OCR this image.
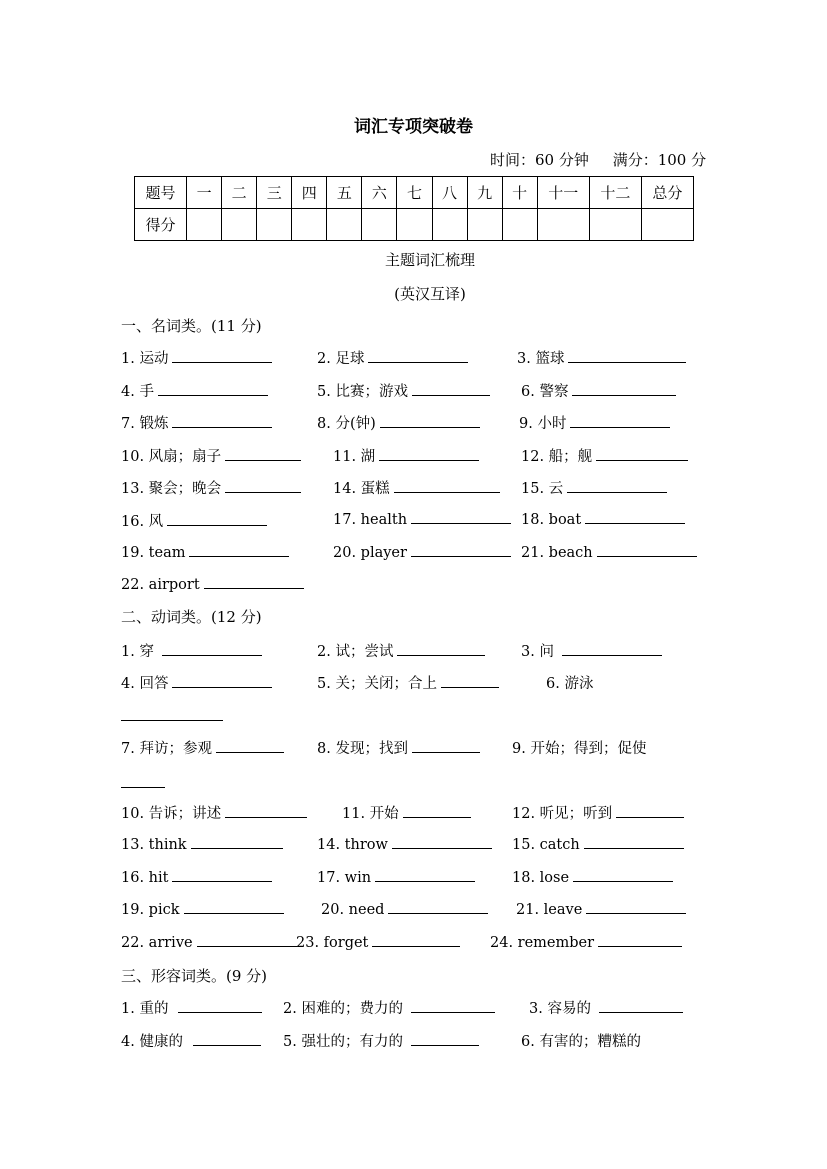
词汇专项突破卷
时间：60 分钟 满分：100 分
题号	一	二	三	四	五	六	七	八	九	十	十一	十二	总分
得分													
主题词汇梳理
(英汉互译)
一、名词类。(11 分)
1. 运动	2. 足球	3. 篮球
4. 手	5. 比赛；游戏	6. 警察
7. 锻炼	8. 分(钟)	9. 小时
10. 风扇；扇子	11. 湖	12. 船；舰
13. 聚会；晚会	14. 蛋糕	15. 云
16. 风	17. health	18. boat
19. team	20. player	21. beach
22. airport
二、动词类。(12 分)
1. 穿	2. 试；尝试	3. 问
4. 回答	5. 关；关闭；合上	6. 游泳
7. 拜访；参观	8. 发现；找到	9. 开始；得到；促使
10. 告诉；讲述	11. 开始	12. 听见；听到
13. think	14. throw	15. catch
16. hit	17. win	18. lose
19. pick	20. need	21. leave
22. arrive	23. forget	24. remember
三、形容词类。(9 分)
1. 重的	2. 困难的；费力的	3. 容易的
4. 健康的	5. 强壮的；有力的	6. 有害的；糟糕的
